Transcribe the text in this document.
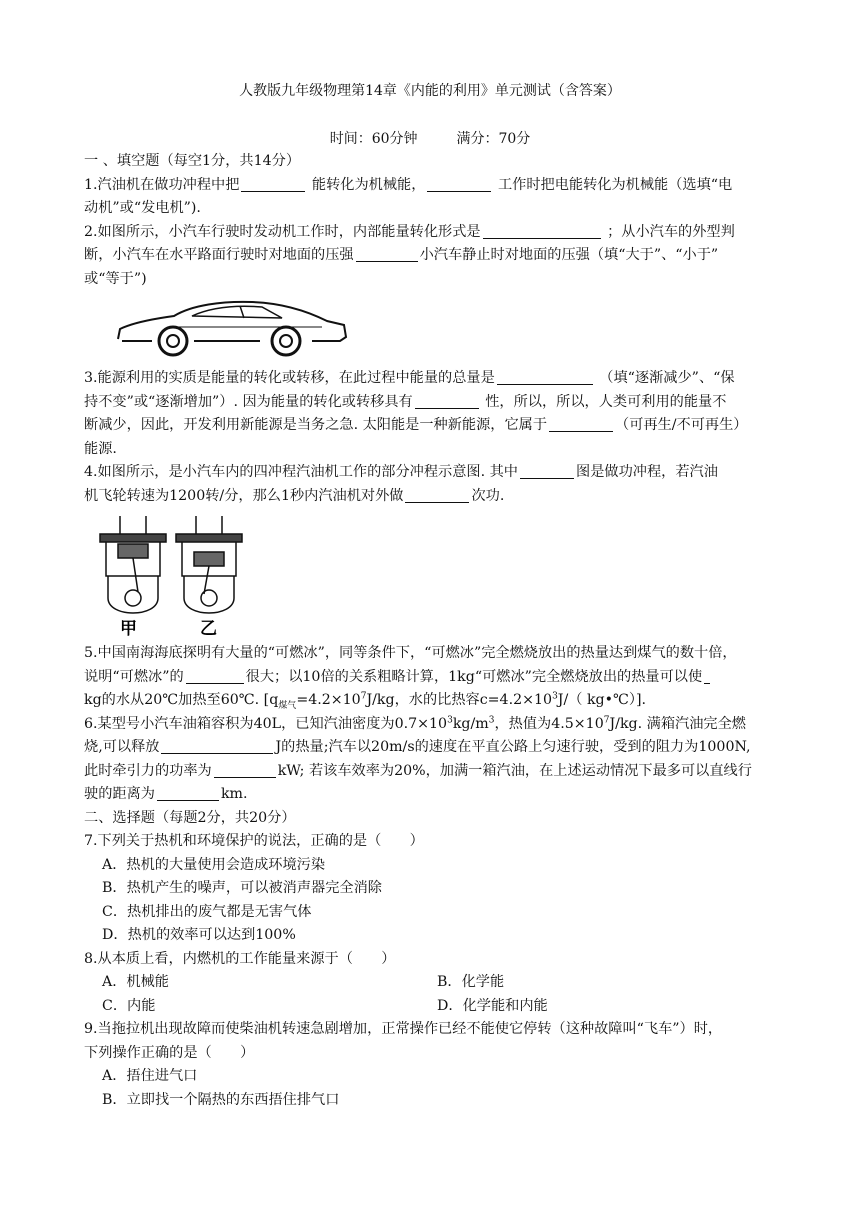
人教版九年级物理第14章《内能的利用》单元测试（含答案）
时间：60分钟	满分：70分

一 、填空题（每空1分，共14分）

1.汽油机在做功冲程中把	能转化为机械能，	工作时把电能转化为机械能（选填“电

动机”或“发电机”).

2.如图所示，小汽车行驶时发动机工作时，内部能量转化形式是	；从小汽车的外型判

断，小汽车在水平路面行驶时对地面的压强	小汽车静止时对地面的压强（填“大于”、“小于”

或“等于”)

3.能源利用的实质是能量的转化或转移，在此过程中能量的总量是	（填“逐渐减少”、“保

持不变”或“逐渐增加”）. 因为能量的转化或转移具有	性，所以，所以，人类可利用的能量不

断减少，因此，开发利用新能源是当务之急. 太阳能是一种新能源，它属于	（可再生/不可再生）

能源.

4.如图所示，是小汽车内的四冲程汽油机工作的部分冲程示意图. 其中	图是做功冲程，若汽油

机飞轮转速为1200转/分，那么1秒内汽油机对外做	次功.

甲	乙

5.中国南海海底探明有大量的“可燃冰”，同等条件下，“可燃冰”完全燃烧放出的热量达到煤气的数十倍，

说明“可燃冰”的	很大；以10倍的关系粗略计算，1kg“可燃冰”完全燃烧放出的热量可以使

kg的水从20℃加热至60℃. [$q_{煤气}=4.2\times 10^7J/kg$，水的比热容$c=4.2\times 10^3J/$（ kg•℃）].

6.某型号小汽车油箱容积为40L，已知汽油密度为$0.7\times 10^3kg/m^3$，热值为$4.5\times 10^7J/kg$. 满箱汽油完全燃

烧,可以释放	J的热量;汽车以20m/s的速度在平直公路上匀速行驶，受到的阻力为1000N,

此时牵引力的功率为	kW; 若该车效率为20%，加满一箱汽油，在上述运动情况下最多可以直线行

驶的距离为	km.

二、选择题（每题2分，共20分）

7.下列关于热机和环境保护的说法，正确的是（　　）

A．热机的大量使用会造成环境污染

B．热机产生的噪声，可以被消声器完全消除

C．热机排出的废气都是无害气体

D．热机的效率可以达到100%

8.从本质上看，内燃机的工作能量来源于（　　）

A．机械能	B．化学能

C．内能	D．化学能和内能

9.当拖拉机出现故障而使柴油机转速急剧增加，正常操作已经不能使它停转（这种故障叫“飞车”）时，

下列操作正确的是（　　）

A．捂住进气口

B．立即找一个隔热的东西捂住排气口
